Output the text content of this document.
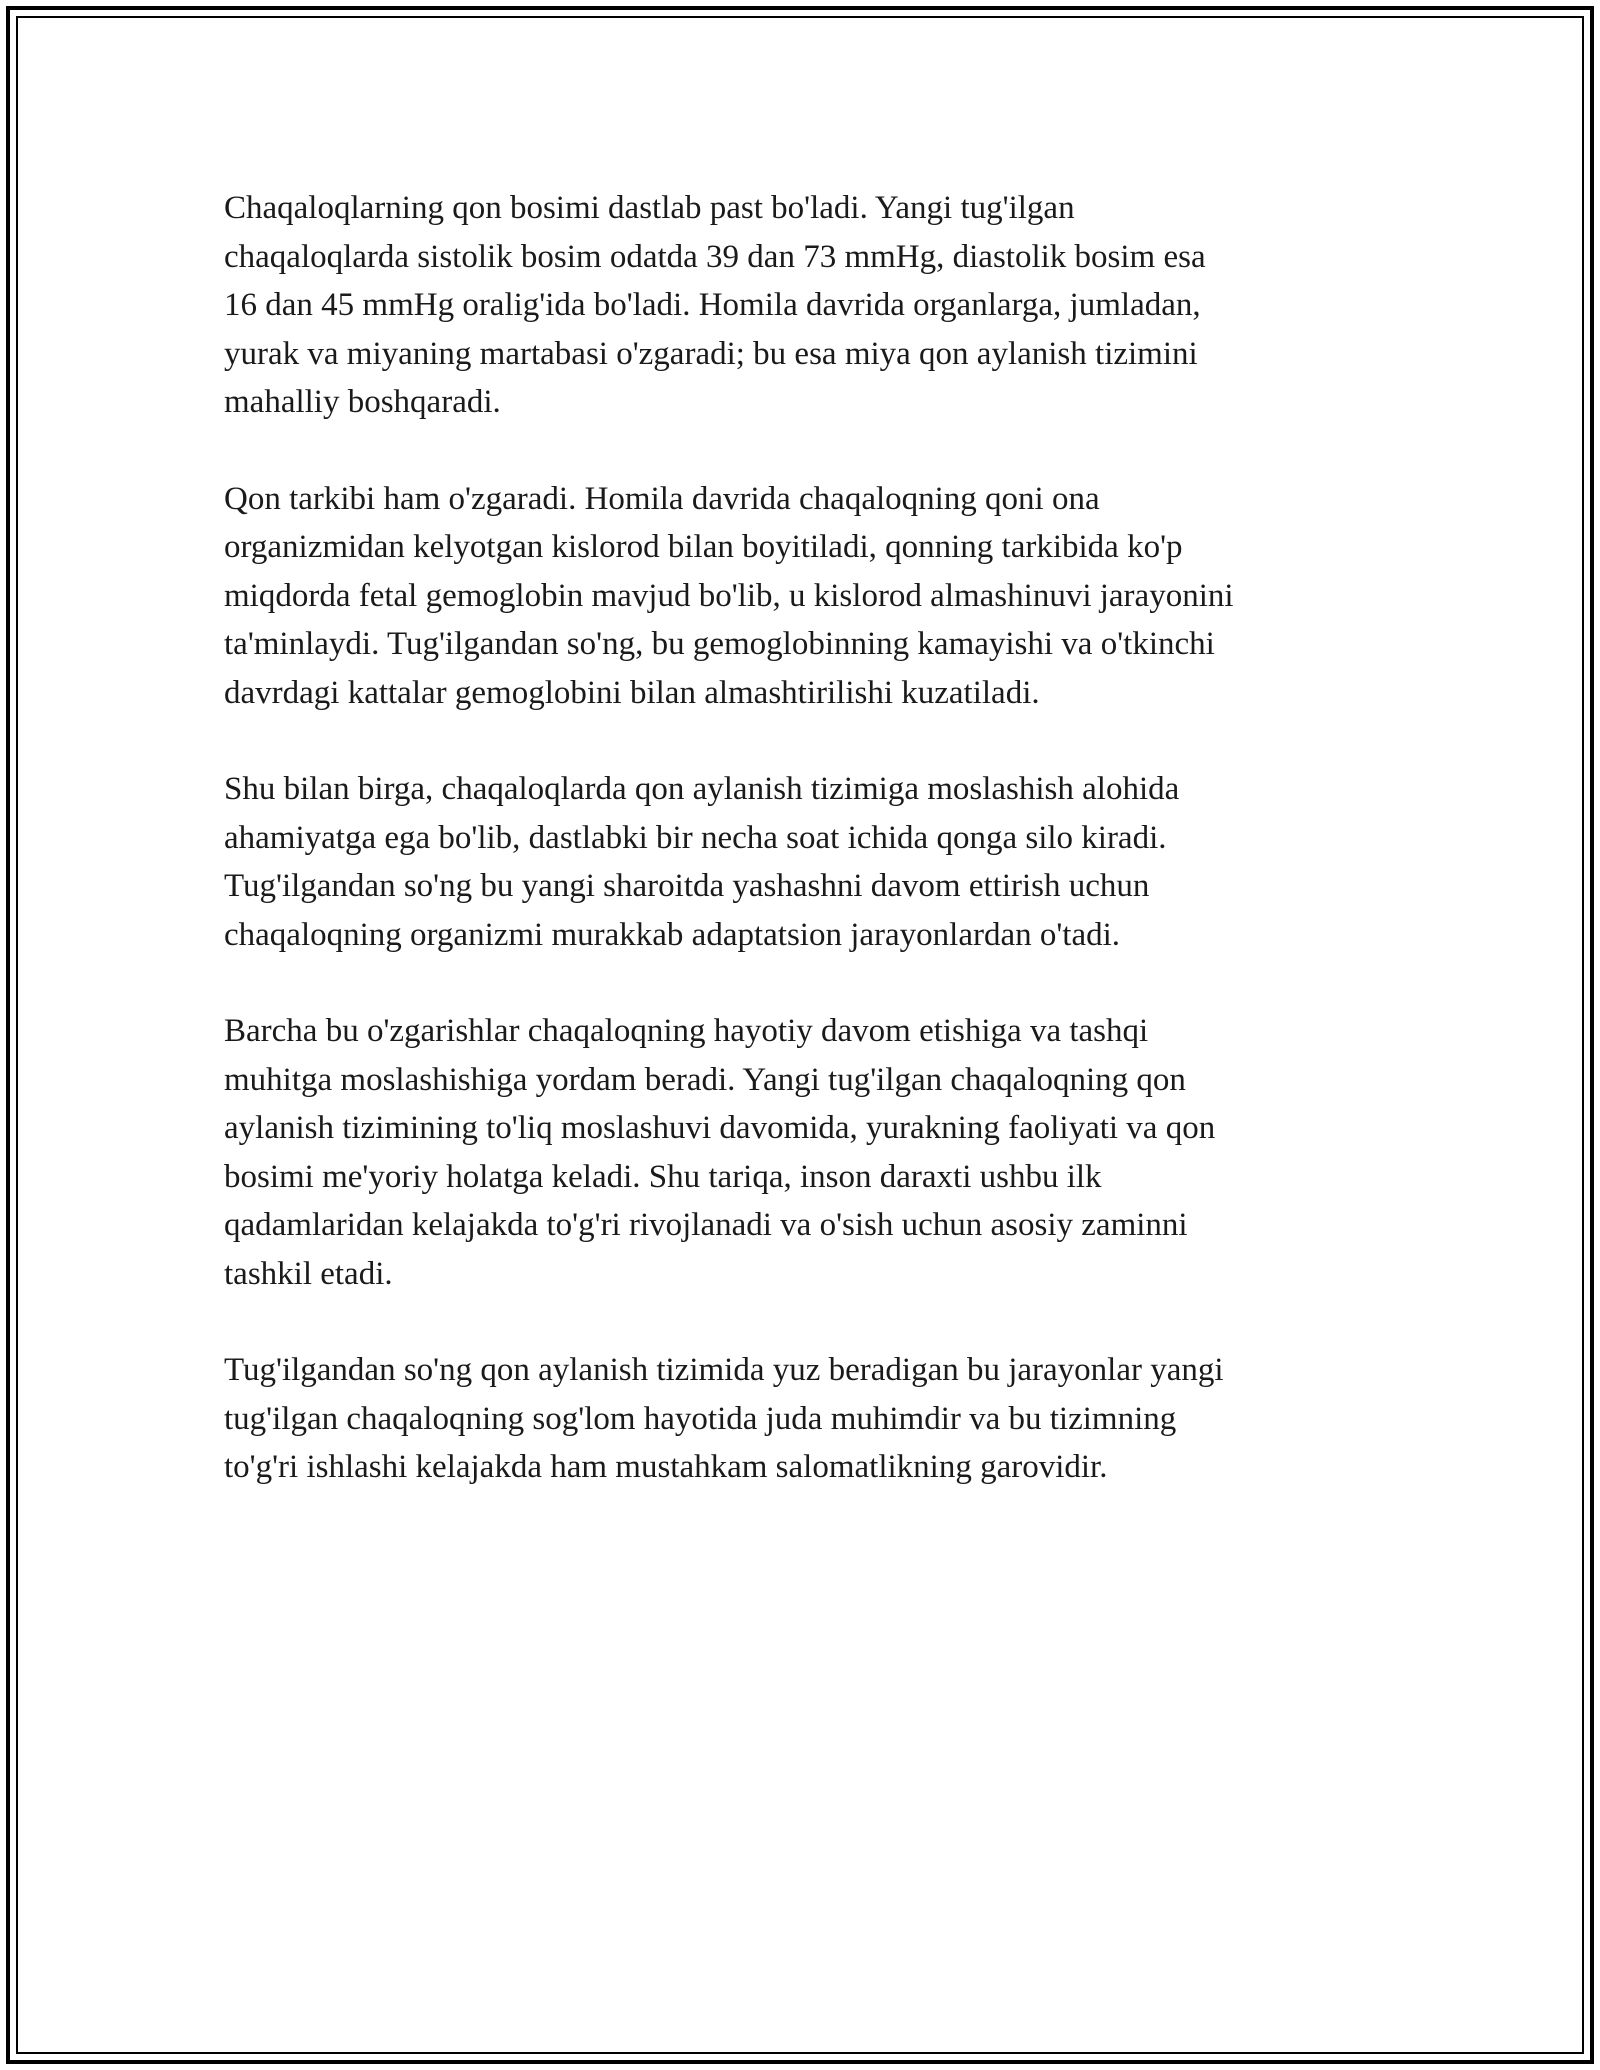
Chaqaloqlarning qon bosimi dastlab past bo'ladi. Yangi tug'ilgan
chaqaloqlarda sistolik bosim odatda 39 dan 73 mmHg, diastolik bosim esa
16 dan 45 mmHg oralig'ida bo'ladi. Homila davrida organlarga, jumladan,
yurak va miyaning martabasi o'zgaradi; bu esa miya qon aylanish tizimini
mahalliy boshqaradi.

Qon tarkibi ham o'zgaradi. Homila davrida chaqaloqning qoni ona
organizmidan kelyotgan kislorod bilan boyitiladi, qonning tarkibida ko'p
miqdorda fetal gemoglobin mavjud bo'lib, u kislorod almashinuvi jarayonini
ta'minlaydi. Tug'ilgandan so'ng, bu gemoglobinning kamayishi va o'tkinchi
davrdagi kattalar gemoglobini bilan almashtirilishi kuzatiladi.

Shu bilan birga, chaqaloqlarda qon aylanish tizimiga moslashish alohida
ahamiyatga ega bo'lib, dastlabki bir necha soat ichida qonga silo kiradi.
Tug'ilgandan so'ng bu yangi sharoitda yashashni davom ettirish uchun
chaqaloqning organizmi murakkab adaptatsion jarayonlardan o'tadi.

Barcha bu o'zgarishlar chaqaloqning hayotiy davom etishiga va tashqi
muhitga moslashishiga yordam beradi. Yangi tug'ilgan chaqaloqning qon
aylanish tizimining to'liq moslashuvi davomida, yurakning faoliyati va qon
bosimi me'yoriy holatga keladi. Shu tariqa, inson daraxti ushbu ilk
qadamlaridan kelajakda to'g'ri rivojlanadi va o'sish uchun asosiy zaminni
tashkil etadi.

Tug'ilgandan so'ng qon aylanish tizimida yuz beradigan bu jarayonlar yangi
tug'ilgan chaqaloqning sog'lom hayotida juda muhimdir va bu tizimning
to'g'ri ishlashi kelajakda ham mustahkam salomatlikning garovidir.
